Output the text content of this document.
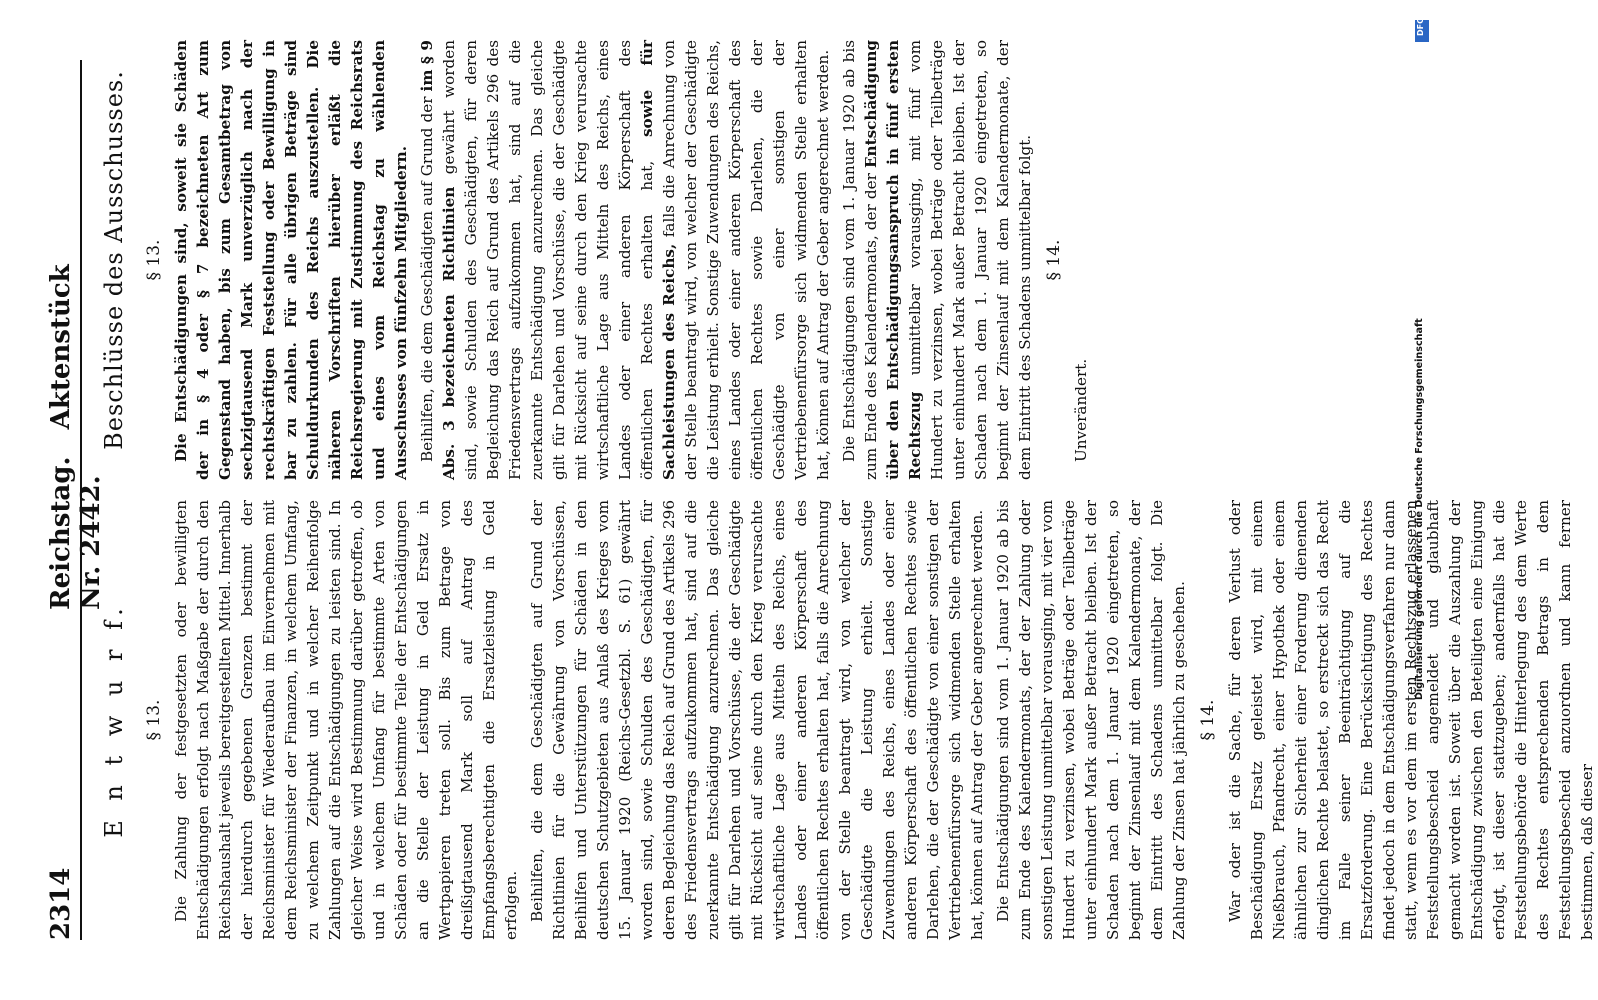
2314
Reichstag.   Aktenstück Nr. 2442.
E n t w u r f. § 13. Die Zahlung der festgesetzten oder bewilligten Entschädigungen erfolgt nach Maßgabe der durch den Reichshaushalt jeweils bereitgestellten Mittel. Innerhalb der hierdurch gegebenen Grenzen bestimmt der Reichsminister für Wiederaufbau im Einvernehmen mit dem Reichsminister der Finanzen, in welchem Umfang, zu welchem Zeitpunkt und in welcher Reihenfolge Zahlungen auf die Entschädigungen zu leisten sind. In gleicher Weise wird Bestimmung darüber getroffen, ob und in welchem Umfang für bestimmte Arten von Schäden oder für bestimmte Teile der Entschädigungen an die Stelle der Leistung in Geld Ersatz in Wertpapieren treten soll. Bis zum Betrage von dreißigtausend Mark soll auf Antrag des Empfangsberechtigten die Ersatzleistung in Geld erfolgen. Beihilfen, die dem Geschädigten auf Grund der Richtlinien für die Gewährung von Vorschüssen, Beihilfen und Unterstützungen für Schäden in den deutschen Schutzgebieten aus Anlaß des Krieges vom 15. Januar 1920 (Reichs-Gesetzbl. S. 61) gewährt worden sind, sowie Schulden des Geschädigten, für deren Begleichung das Reich auf Grund des Artikels 296 des Friedensvertrags aufzukommen hat, sind auf die zuerkannte Entschädigung anzurechnen. Das gleiche gilt für Darlehen und Vorschüsse, die der Geschädigte mit Rücksicht auf seine durch den Krieg verursachte wirtschaftliche Lage aus Mitteln des Reichs, eines Landes oder einer anderen Körperschaft des öffentlichen Rechtes erhalten hat, falls die Anrechnung von der Stelle beantragt wird, von welcher der Geschädigte die Leistung erhielt. Sonstige Zuwendungen des Reichs, eines Landes oder einer anderen Körperschaft des öffentlichen Rechtes sowie Darlehen, die der Geschädigte von einer sonstigen der Vertriebenenfürsorge sich widmenden Stelle erhalten hat, können auf Antrag der Geber angerechnet werden. Die Entschädigungen sind vom 1. Januar 1920 ab bis zum Ende des Kalendermonats, der der Zahlung oder sonstigen Leistung unmittelbar vorausging, mit vier vom Hundert zu verzinsen, wobei Beträge oder Teilbeträge unter einhundert Mark außer Betracht bleiben. Ist der Schaden nach dem 1. Januar 1920 eingetreten, so beginnt der Zinsenlauf mit dem Kalendermonate, der dem Eintritt des Schadens unmittelbar folgt. Die Zahlung der Zinsen hat jährlich zu geschehen. § 14. War oder ist die Sache, für deren Verlust oder Beschädigung Ersatz geleistet wird, mit einem Nießbrauch, Pfandrecht, einer Hypothek oder einem ähnlichen zur Sicherheit einer Forderung dienenden dinglichen Rechte belastet, so erstreckt sich das Recht im Falle seiner Beeinträchtigung auf die Ersatzforderung. Eine Berücksichtigung des Rechtes findet jedoch in dem Entschädigungsverfahren nur dann statt, wenn es vor dem im ersten Rechtszug erlassenen Feststellungsbescheid angemeldet und glaubhaft gemacht worden ist. Soweit über die Auszahlung der Entschädigung zwischen den Beteiligten eine Einigung erfolgt, ist dieser stattzugeben; andernfalls hat die Feststellungsbehörde die Hinterlegung des dem Werte des Rechtes entsprechenden Betrags in dem Feststellungsbescheid anzuordnen und kann ferner bestimmen, daß dieser

Beschlüsse des Ausschusses. § 13. Die Entschädigungen sind, soweit sie Schäden der in § 4 oder § 7 bezeichneten Art zum Gegenstand haben, bis zum Gesamtbetrag von sechzigtausend Mark unverzüglich nach der rechtskräftigen Feststellung oder Bewilligung in bar zu zahlen. Für alle übrigen Beträge sind Schuldurkunden des Reichs auszustellen. Die näheren Vorschriften hierüber erläßt die Reichsregierung mit Zustimmung des Reichsrats und eines vom Reichstag zu wählenden Ausschusses von fünfzehn Mitgliedern. Beihilfen, die dem Geschädigten auf Grund der im § 9 Abs. 3 bezeichneten Richtlinien gewährt worden sind, sowie Schulden des Geschädigten, für deren Begleichung das Reich auf Grund des Artikels 296 des Friedensvertrags aufzukommen hat, sind auf die zuerkannte Entschädigung anzurechnen. Das gleiche gilt für Darlehen und Vorschüsse, die der Geschädigte mit Rücksicht auf seine durch den Krieg verursachte wirtschaftliche Lage aus Mitteln des Reichs, eines Landes oder einer anderen Körperschaft des öffentlichen Rechtes erhalten hat, sowie für Sachleistungen des Reichs, falls die Anrechnung von der Stelle beantragt wird, von welcher der Geschädigte die Leistung erhielt. Sonstige Zuwendungen des Reichs, eines Landes oder einer anderen Körperschaft des öffentlichen Rechtes sowie Darlehen, die der Geschädigte von einer sonstigen der Vertriebenenfürsorge sich widmenden Stelle erhalten hat, können auf Antrag der Geber angerechnet werden. Die Entschädigungen sind vom 1. Januar 1920 ab bis zum Ende des Kalendermonats, der der Entschädigung über den Entschädigungsanspruch in fünf ersten Rechtszug unmittelbar vorausging, mit fünf vom Hundert zu verzinsen, wobei Beträge oder Teilbeträge unter einhundert Mark außer Betracht bleiben. Ist der Schaden nach dem 1. Januar 1920 eingetreten, so beginnt der Zinsenlauf mit dem Kalendermonate, der dem Eintritt des Schadens unmittelbar folgt. § 14.

Unverändert.

DFG
Digitalisierung gefördert durch die Deutsche Forschungsgemeinschaft
